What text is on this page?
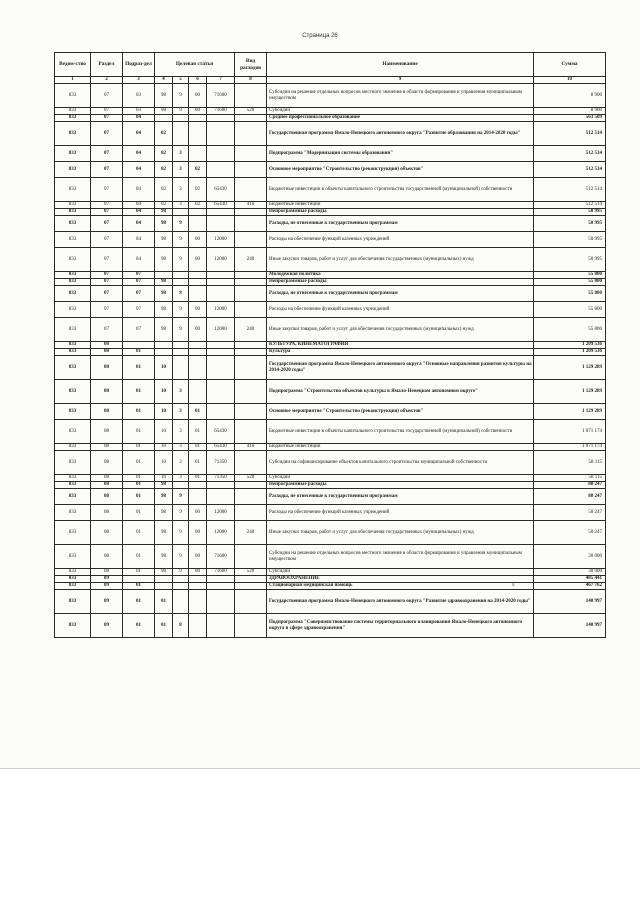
Страница 26
Ведом-ство	Раздел	Подраз-дел	Целевая статья				Вид расходов	Наименование	Сумма
1	2	3	4	5	6	7	8	9	10
833	07	03	98	9	00	71600		Субсидии на решение отдельных вопросов местного значения в области формирования и управления муниципальным имуществом	8 900
833	07	03	98	9	00	71600	520	Субсидии	8 900
833	07	04						Среднее профессиональное образование	563 509
833	07	04	02					Государственная программа Ямало-Ненецкого автономного округа "Развитие образования на 2014-2020 годы"	512 514
833	07	04	02	3				Подпрограмма "Модернизация системы образования"	512 514
833	07	04	02	3	02			Основное мероприятие "Строительство (реконструкция) объектов"	512 514
833	07	04	02	3	02	65430		Бюджетные инвестиции в объекты капитального строительства государственной (муниципальной) собственности	512 514
833	07	04	02	3	02	65430	410	Бюджетные инвестиции	512 514
833	07	04	98					Непрограммные расходы	50 995
833	07	04	98	9				Расходы, не отнесенные к государственным программам	50 995
833	07	04	98	9	00	12000		Расходы на обеспечение функций казенных учреждений	50 995
833	07	04	98	9	00	12000	240	Иные закупки товаров, работ и услуг для обеспечения государственных (муниципальных) нужд	50 995
833	07	07						Молодежная политика	55 800
833	07	07	98					Непрограммные расходы	55 800
833	07	07	98	9				Расходы, не отнесенные к государственным программам	55 800
833	07	07	98	9	00	12000		Расходы на обеспечение функций казенных учреждений	55 800
833	07	07	98	9	00	12000	240	Иные закупки товаров, работ и услуг для обеспечения государственных (муниципальных) нужд	55 800
833	08							КУЛЬТУРА, КИНЕМАТОГРАФИЯ	1 209 536
833	08	01						Культура	1 209 536
833	08	01	10					Государственная программа Ямало-Ненецкого автономного округа "Основные направления развития культуры на 2014-2020 годы"	1 129 289
833	08	01	10	3				Подпрограмма "Строительство объектов культуры в Ямало-Ненецком автономном округе"	1 129 289
833	08	01	10	3	01			Основное мероприятие "Строительство (реконструкция) объектов"	1 129 289
833	08	01	10	3	01	65430		Бюджетные инвестиции в объекты капитального строительства государственной (муниципальной) собственности	1 071 174
833	08	01	10	3	01	65430	410	Бюджетные инвестиции	1 071 174
833	08	01	10	3	01	71350		Субсидии на софинансирование объектов капитального строительства муниципальной собственности	58 115
833	08	01	10	3	01	71350	520	Субсидии	58 115
833	08	01	98					Непрограммные расходы	80 247
833	08	01	98	9				Расходы, не отнесенные к государственным программам	80 247
833	08	01	98	9	00	12000		Расходы на обеспечение функций казенных учреждений	50 247
833	08	01	98	9	00	12000	240	Иные закупки товаров, работ и услуг для обеспечения государственных (муниципальных) нужд	50 247
833	08	01	98	9	00	71600		Субсидии на решение отдельных вопросов местного значения в области формирования и управления муниципальным имуществом	30 000
833	08	01	98	9	00	71600	520	Субсидии	30 000
833	09							ЗДРАВООХРАНЕНИЕ	485 441
833	09	01						Стационарная медицинская помощь	467 762
833	09	01	01					Государственная программа Ямало-Ненецкого автономного округа "Развитие здравоохранения на 2014-2020 годы"	140 997
833	09	01	01	8				Подпрограмма "Совершенствование системы территориального планирования Ямало-Ненецкого автономного округа в сфере здравоохранения"	140 997
ч
